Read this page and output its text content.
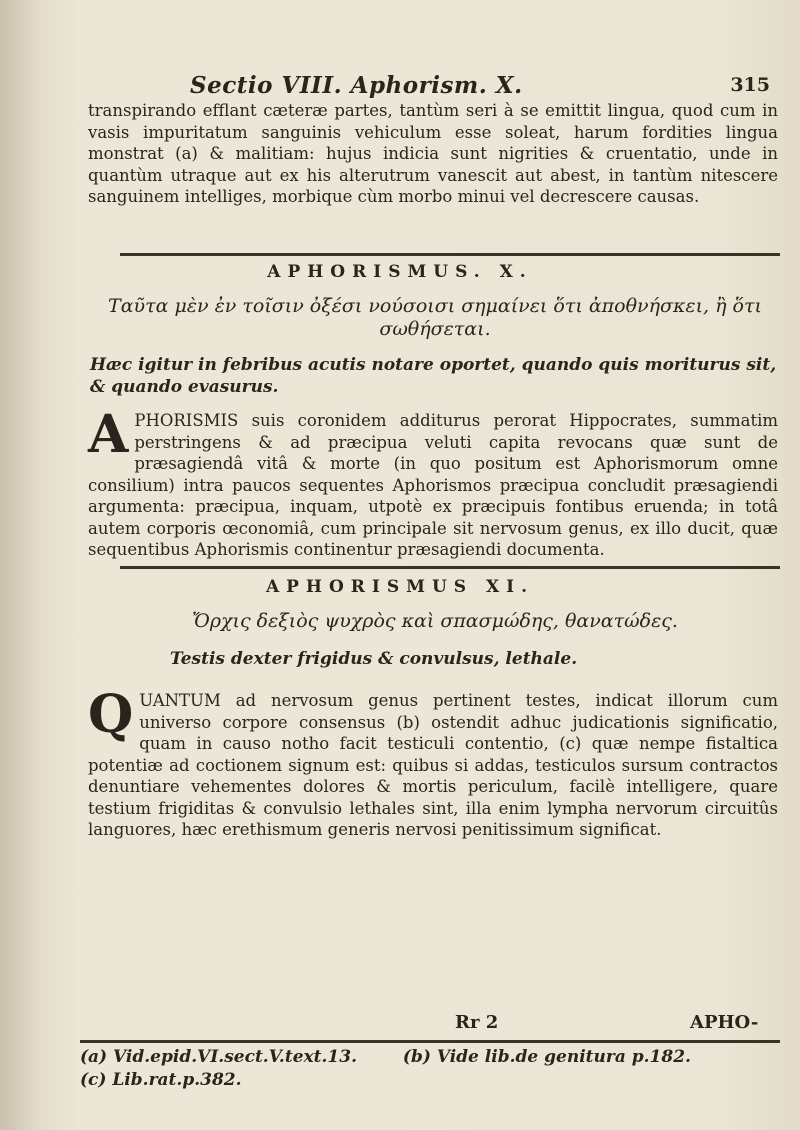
Sectio VIII. Aphorism. X.	315
transpirando efflant cæteræ partes, tantùm seri à se emittit lingua, quod cum in vasis impuritatum sanguinis vehiculum esse soleat, harum fordities lingua monstrat (a) & malitiam: hujus indicia sunt nigrities & cruentatio, unde in quantùm utraque aut ex his alterutrum vanescit aut abest, in tantùm nitescere sanguinem intelliges, morbique cùm morbo minui vel decrescere causas.
APHORISMUS. X.
Ταῦτα μὲν ἐν τοῖσιν ὀξέσι νούσοισι σημαίνει ὅτι ἀποθνήσκει, ἢ ὅτι σωθήσεται.
Hæc igitur in febribus acutis notare oportet, quando quis moriturus sit, & quando evasurus.
APHORISMIS suis coronidem additurus perorat Hippocrates, summatim perstringens & ad præcipua veluti capita revocans quæ sunt de præsagiendâ vitâ & morte (in quo positum est Aphorismorum omne consilium) intra paucos sequentes Aphorismos præcipua concludit præsagiendi argumenta: præcipua, inquam, utpotè ex præcipuis fontibus eruenda; in totâ autem corporis œconomiâ, cum principale sit nervosum genus, ex illo ducit, quæ sequentibus Aphorismis continentur præsagiendi documenta.
APHORISMUS XI.
Ὄρχις δεξιὸς ψυχρὸς καὶ σπασμώδης, θανατώδες.
Testis dexter frigidus & convulsus, lethale.
QUANTUM ad nervosum genus pertinent testes, indicat illorum cum universo corpore consensus (b) ostendit adhuc judicationis significatio, quam in causo notho facit testiculi contentio, (c) quæ nempe fistaltica potentiæ ad coctionem signum est: quibus si addas, testiculos sursum contractos denuntiare vehementes dolores & mortis periculum, facilè intelligere, quare testium frigiditas & convulsio lethales sint, illa enim lympha nervorum circuitûs languores, hæc erethismum generis nervosi penitissimum significat.
Rr 2	APHO-
(a) Vid.epid.VI.sect.V.text.13.	(b) Vide lib.de genitura p.182.
(c) Lib.rat.p.382.
